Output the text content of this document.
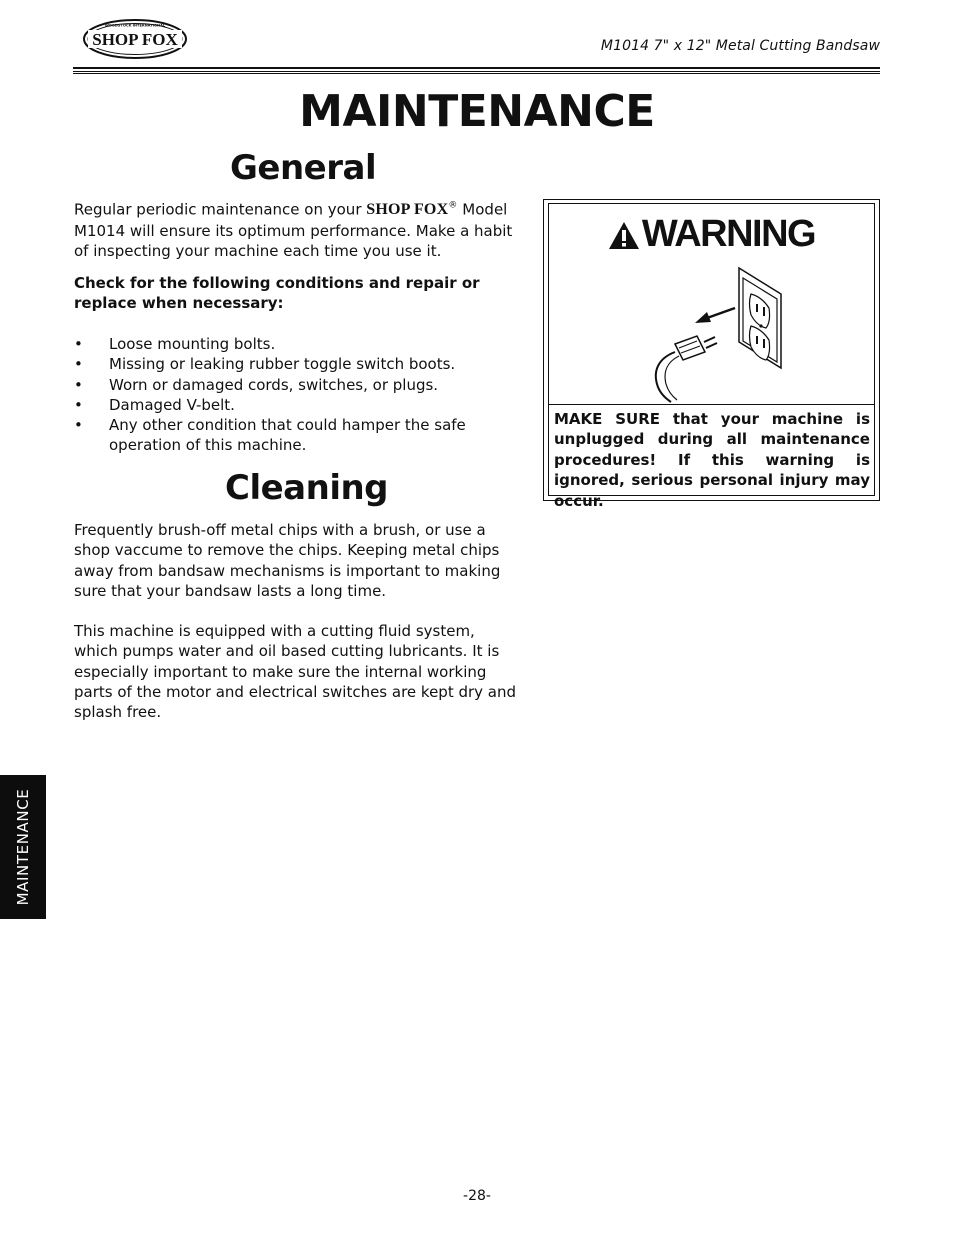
SHOP FOX
WOODSTOCK INTERNATIONAL
M1014 7" x 12" Metal Cutting Bandsaw
MAINTENANCE
General

Regular periodic maintenance on your SHOP FOX® Model M1014 will ensure its optimum performance. Make a habit of inspecting your machine each time you use it.

Check for the following conditions and repair or replace when necessary:

• Loose mounting bolts.
• Missing or leaking rubber toggle switch boots.
• Worn or damaged cords, switches, or plugs.
• Damaged V-belt.
• Any other condition that could hamper the safe operation of this machine.
Cleaning

Frequently brush-off metal chips with a brush, or use a shop vaccume to remove the chips. Keeping metal chips away from bandsaw mechanisms is important to making sure that your bandsaw lasts a long time.

This machine is equipped with a cutting fluid system, which pumps water and oil based cutting lubricants. It is especially important to make sure the internal working parts of the motor and electrical switches are kept dry and splash free.

WARNING

MAKE SURE that your machine is unplugged during all maintenance procedures! If this warning is ignored, serious personal injury may occur.

MAINTENANCE
-28-
